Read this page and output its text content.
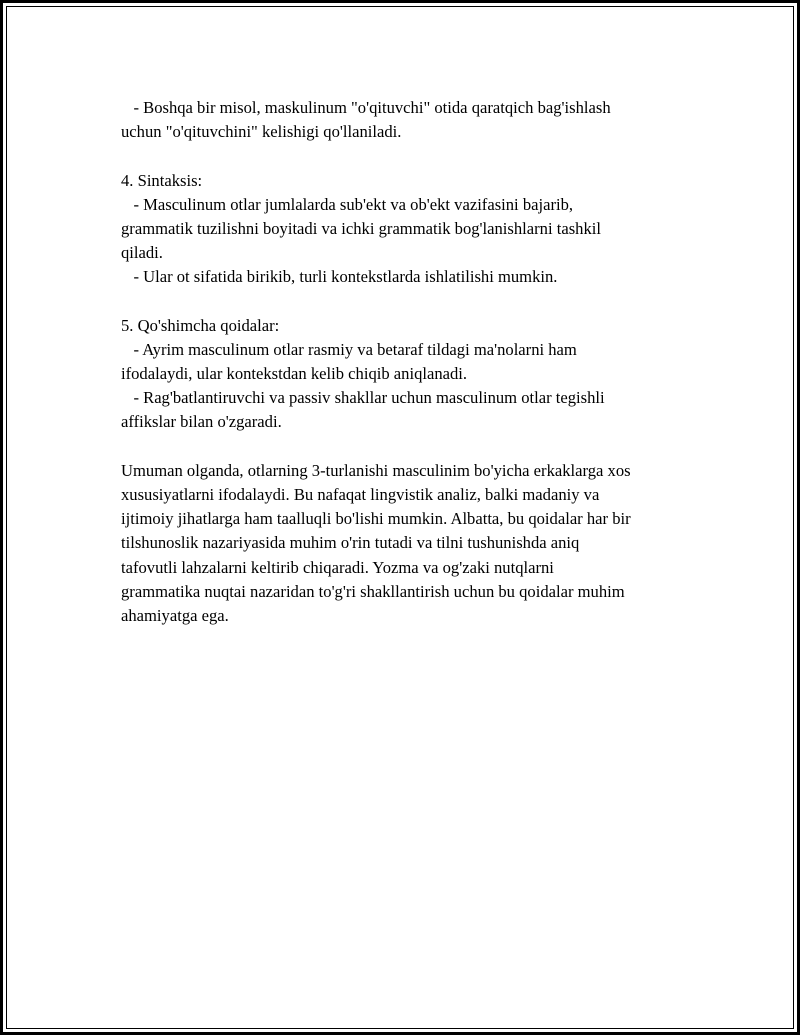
- Boshqa bir misol, maskulinum "o'qituvchi" otida qaratqich bag'ishlash

uchun "o'qituvchini" kelishigi qo'llaniladi.

4. Sintaksis:

- Masculinum otlar jumlalarda sub'ekt va ob'ekt vazifasini bajarib,

grammatik tuzilishni boyitadi va ichki grammatik bog'lanishlarni tashkil

qiladi.

- Ular ot sifatida birikib, turli kontekstlarda ishlatilishi mumkin.

5. Qo'shimcha qoidalar:

- Ayrim masculinum otlar rasmiy va betaraf tildagi ma'nolarni ham

ifodalaydi, ular kontekstdan kelib chiqib aniqlanadi.

- Rag'batlantiruvchi va passiv shakllar uchun masculinum otlar tegishli

affikslar bilan o'zgaradi.

Umuman olganda, otlarning 3-turlanishi masculinim bo'yicha erkaklarga xos

xususiyatlarni ifodalaydi. Bu nafaqat lingvistik analiz, balki madaniy va

ijtimoiy jihatlarga ham taalluqli bo'lishi mumkin. Albatta, bu qoidalar har bir

tilshunoslik nazariyasida muhim o'rin tutadi va tilni tushunishda aniq

tafovutli lahzalarni keltirib chiqaradi. Yozma va og'zaki nutqlarni

grammatika nuqtai nazaridan to'g'ri shakllantirish uchun bu qoidalar muhim

ahamiyatga ega.
